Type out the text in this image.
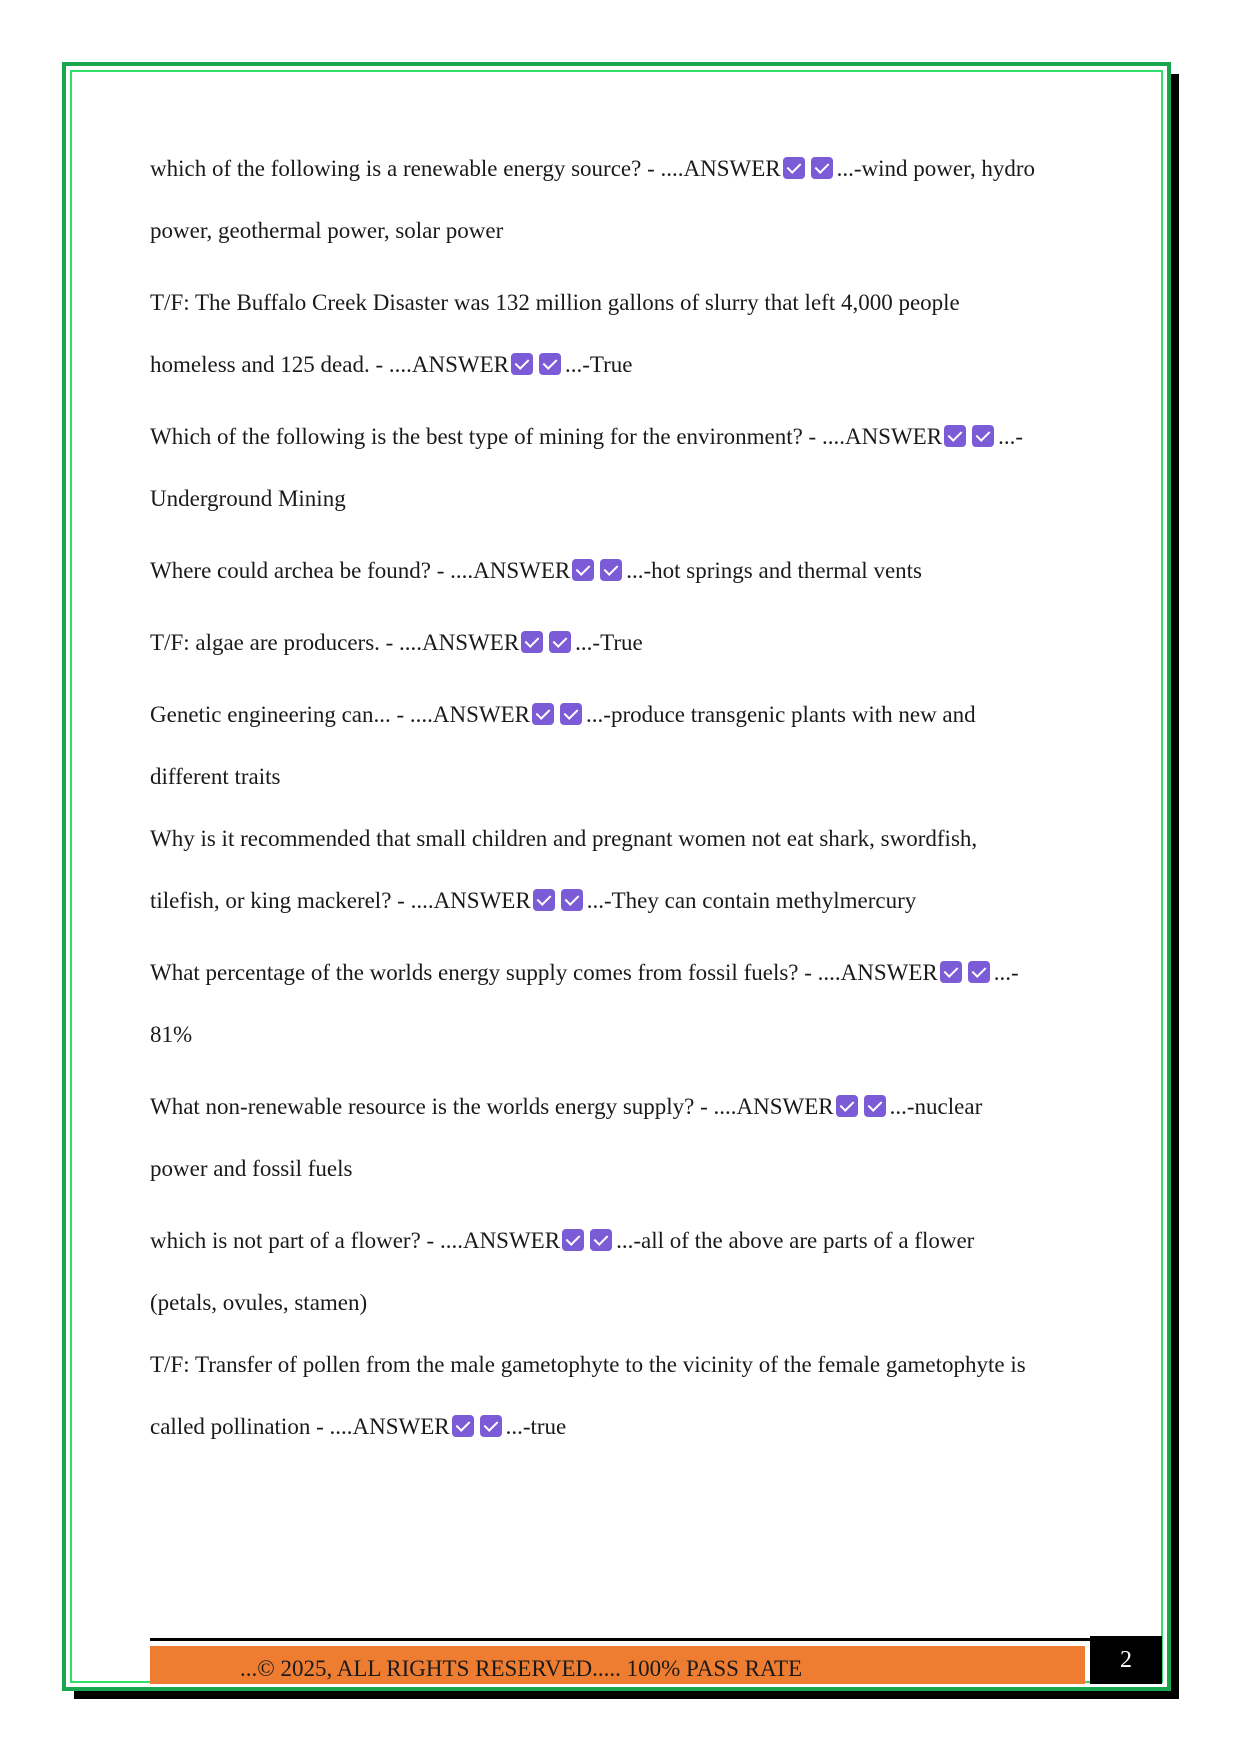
which of the following is a renewable energy source? - ....ANSWER ...-wind power, hydro
power, geothermal power, solar power
T/F: The Buffalo Creek Disaster was 132 million gallons of slurry that left 4,000 people
homeless and 125 dead. - ....ANSWER ...-True
Which of the following is the best type of mining for the environment? - ....ANSWER ...-
Underground Mining
Where could archea be found? - ....ANSWER ...-hot springs and thermal vents
T/F: algae are producers. - ....ANSWER ...-True
Genetic engineering can... - ....ANSWER ...-produce transgenic plants with new and
different traits
Why is it recommended that small children and pregnant women not eat shark, swordfish,
tilefish, or king mackerel? - ....ANSWER ...-They can contain methylmercury
What percentage of the worlds energy supply comes from fossil fuels? - ....ANSWER ...-
81%
What non-renewable resource is the worlds energy supply? - ....ANSWER ...-nuclear
power and fossil fuels
which is not part of a flower? - ....ANSWER ...-all of the above are parts of a flower
(petals, ovules, stamen)
T/F: Transfer of pollen from the male gametophyte to the vicinity of the female gametophyte is
called pollination - ....ANSWER ...-true
...© 2025, ALL RIGHTS RESERVED..... 100% PASS RATE	2
